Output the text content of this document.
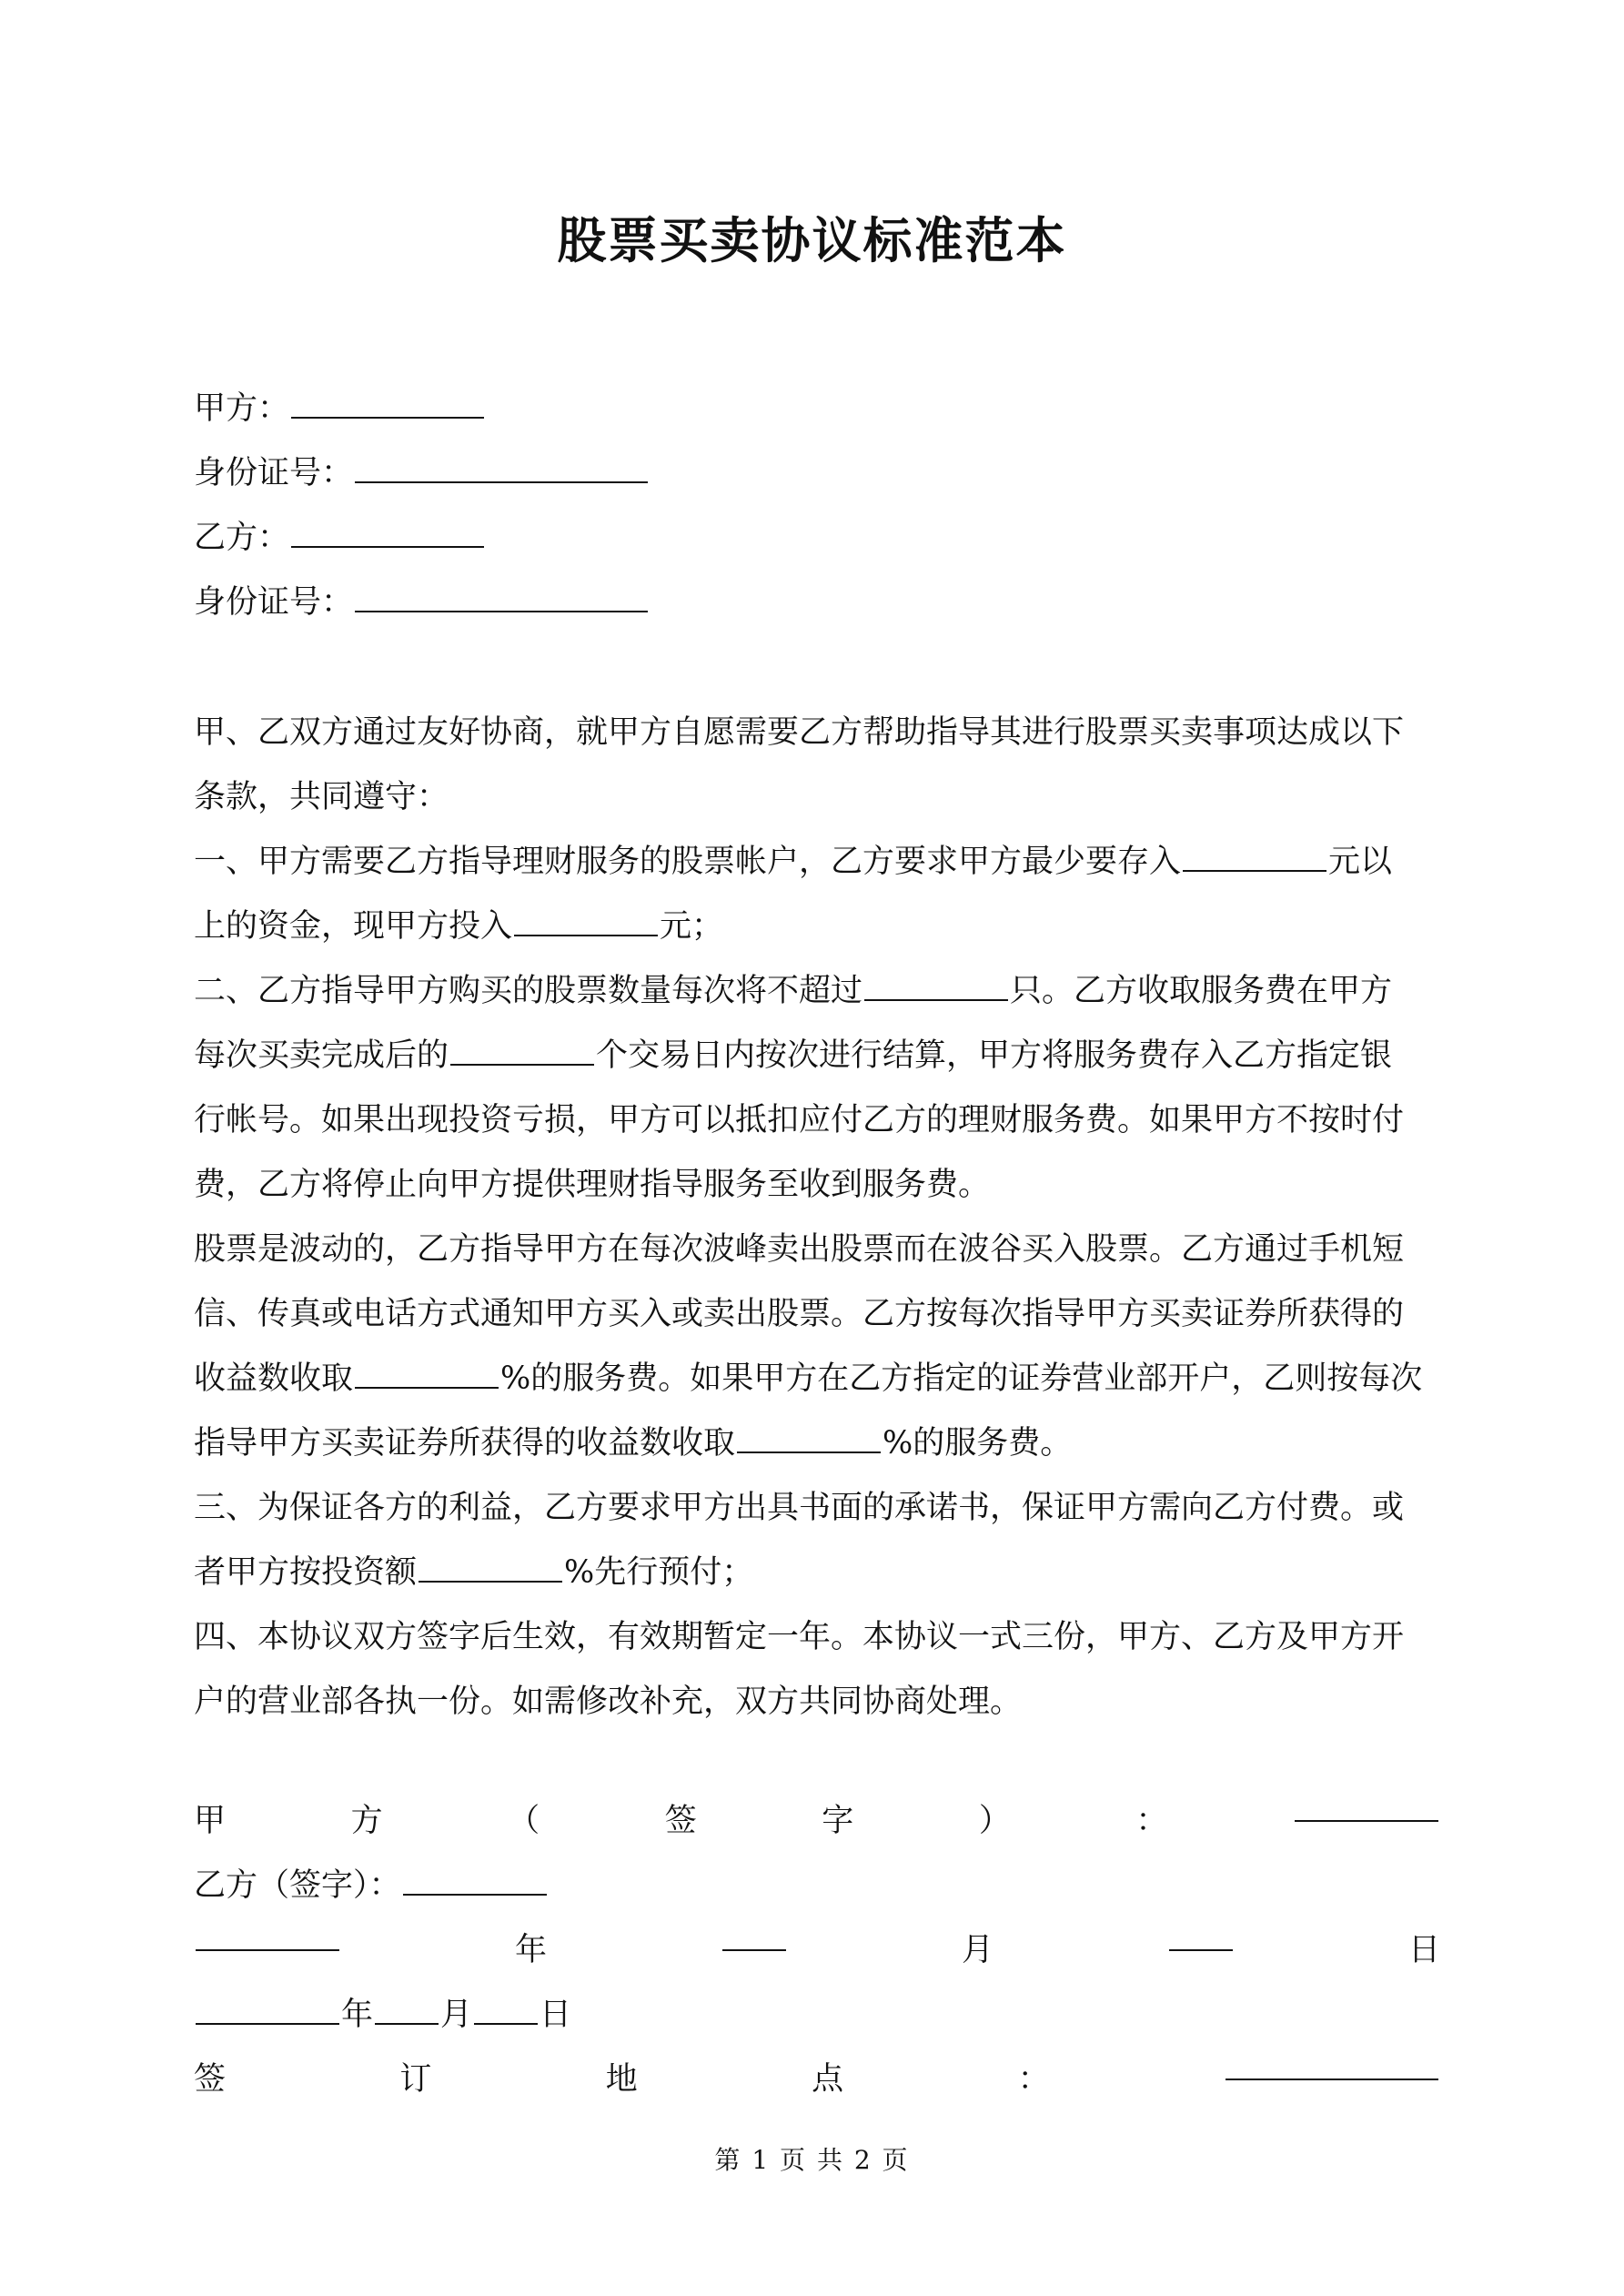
股票买卖协议标准范本
甲方：
身份证号：
乙方：
身份证号：
甲、乙双方通过友好协商，就甲方自愿需要乙方帮助指导其进行股票买卖事项达成以下
条款，共同遵守：
一、甲方需要乙方指导理财服务的股票帐户，乙方要求甲方最少要存入	元以
上的资金，现甲方投入	元；
二、乙方指导甲方购买的股票数量每次将不超过	只。乙方收取服务费在甲方
每次买卖完成后的	个交易日内按次进行结算，甲方将服务费存入乙方指定银
行帐号。如果出现投资亏损，甲方可以抵扣应付乙方的理财服务费。如果甲方不按时付
费，乙方将停止向甲方提供理财指导服务至收到服务费。
股票是波动的，乙方指导甲方在每次波峰卖出股票而在波谷买入股票。乙方通过手机短
信、传真或电话方式通知甲方买入或卖出股票。乙方按每次指导甲方买卖证券所获得的
收益数收取	%的服务费。如果甲方在乙方指定的证券营业部开户，乙则按每次
指导甲方买卖证券所获得的收益数收取	%的服务费。
三、为保证各方的利益，乙方要求甲方出具书面的承诺书，保证甲方需向乙方付费。或
者甲方按投资额	%先行预付；
四、本协议双方签字后生效，有效期暂定一年。本协议一式三份，甲方、乙方及甲方开
户的营业部各执一份。如需修改补充，双方共同协商处理。
甲	方	（	签	字	）	：
乙方（签字）：
年	月	日
年 月 日
签	订	地	点	：
第 1 页 共 2 页
